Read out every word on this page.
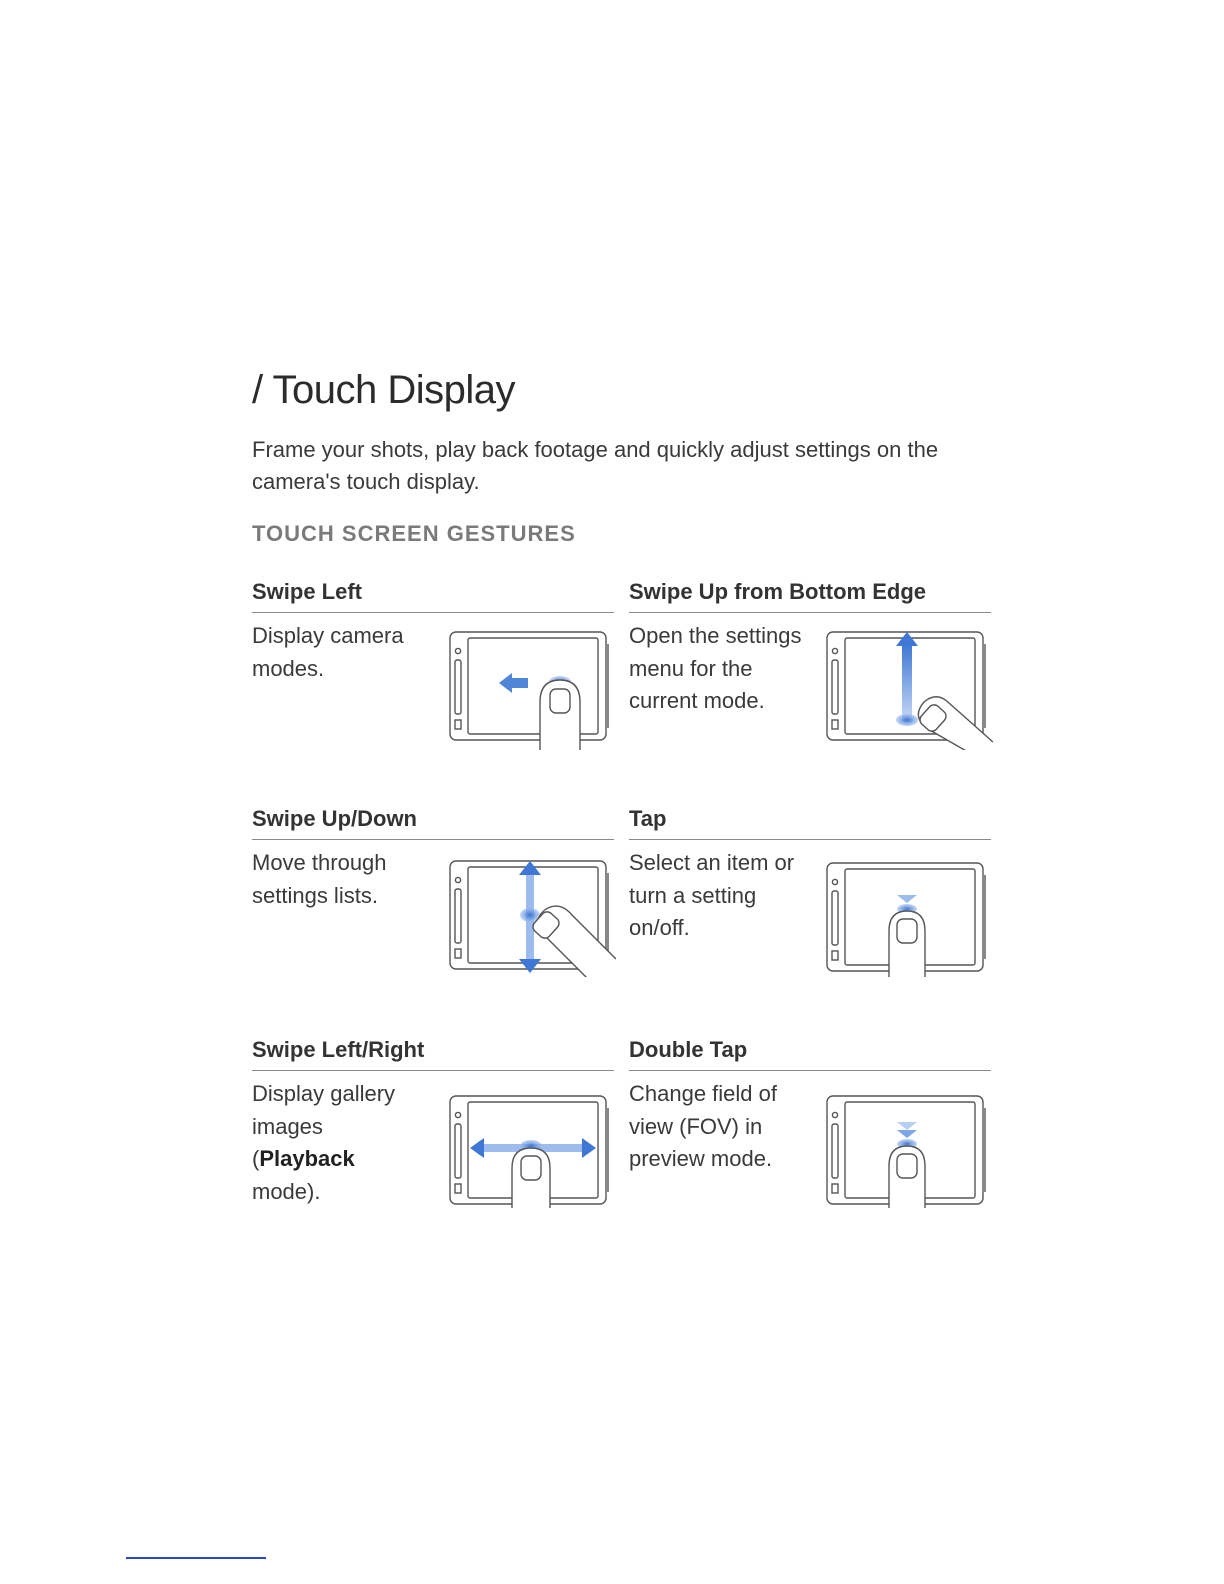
/ Touch Display

Frame your shots, play back footage and quickly adjust settings on the camera's touch display.

TOUCH SCREEN GESTURES
Swipe Left

Display camera modes.

Swipe Up from Bottom Edge

Open the settings menu for the current mode.

Swipe Up/Down

Move through settings lists.

Tap

Select an item or turn a setting on/off.

Swipe Left/Right

Display gallery images (Playback mode).

Double Tap

Change field of view (FOV) in preview mode.
